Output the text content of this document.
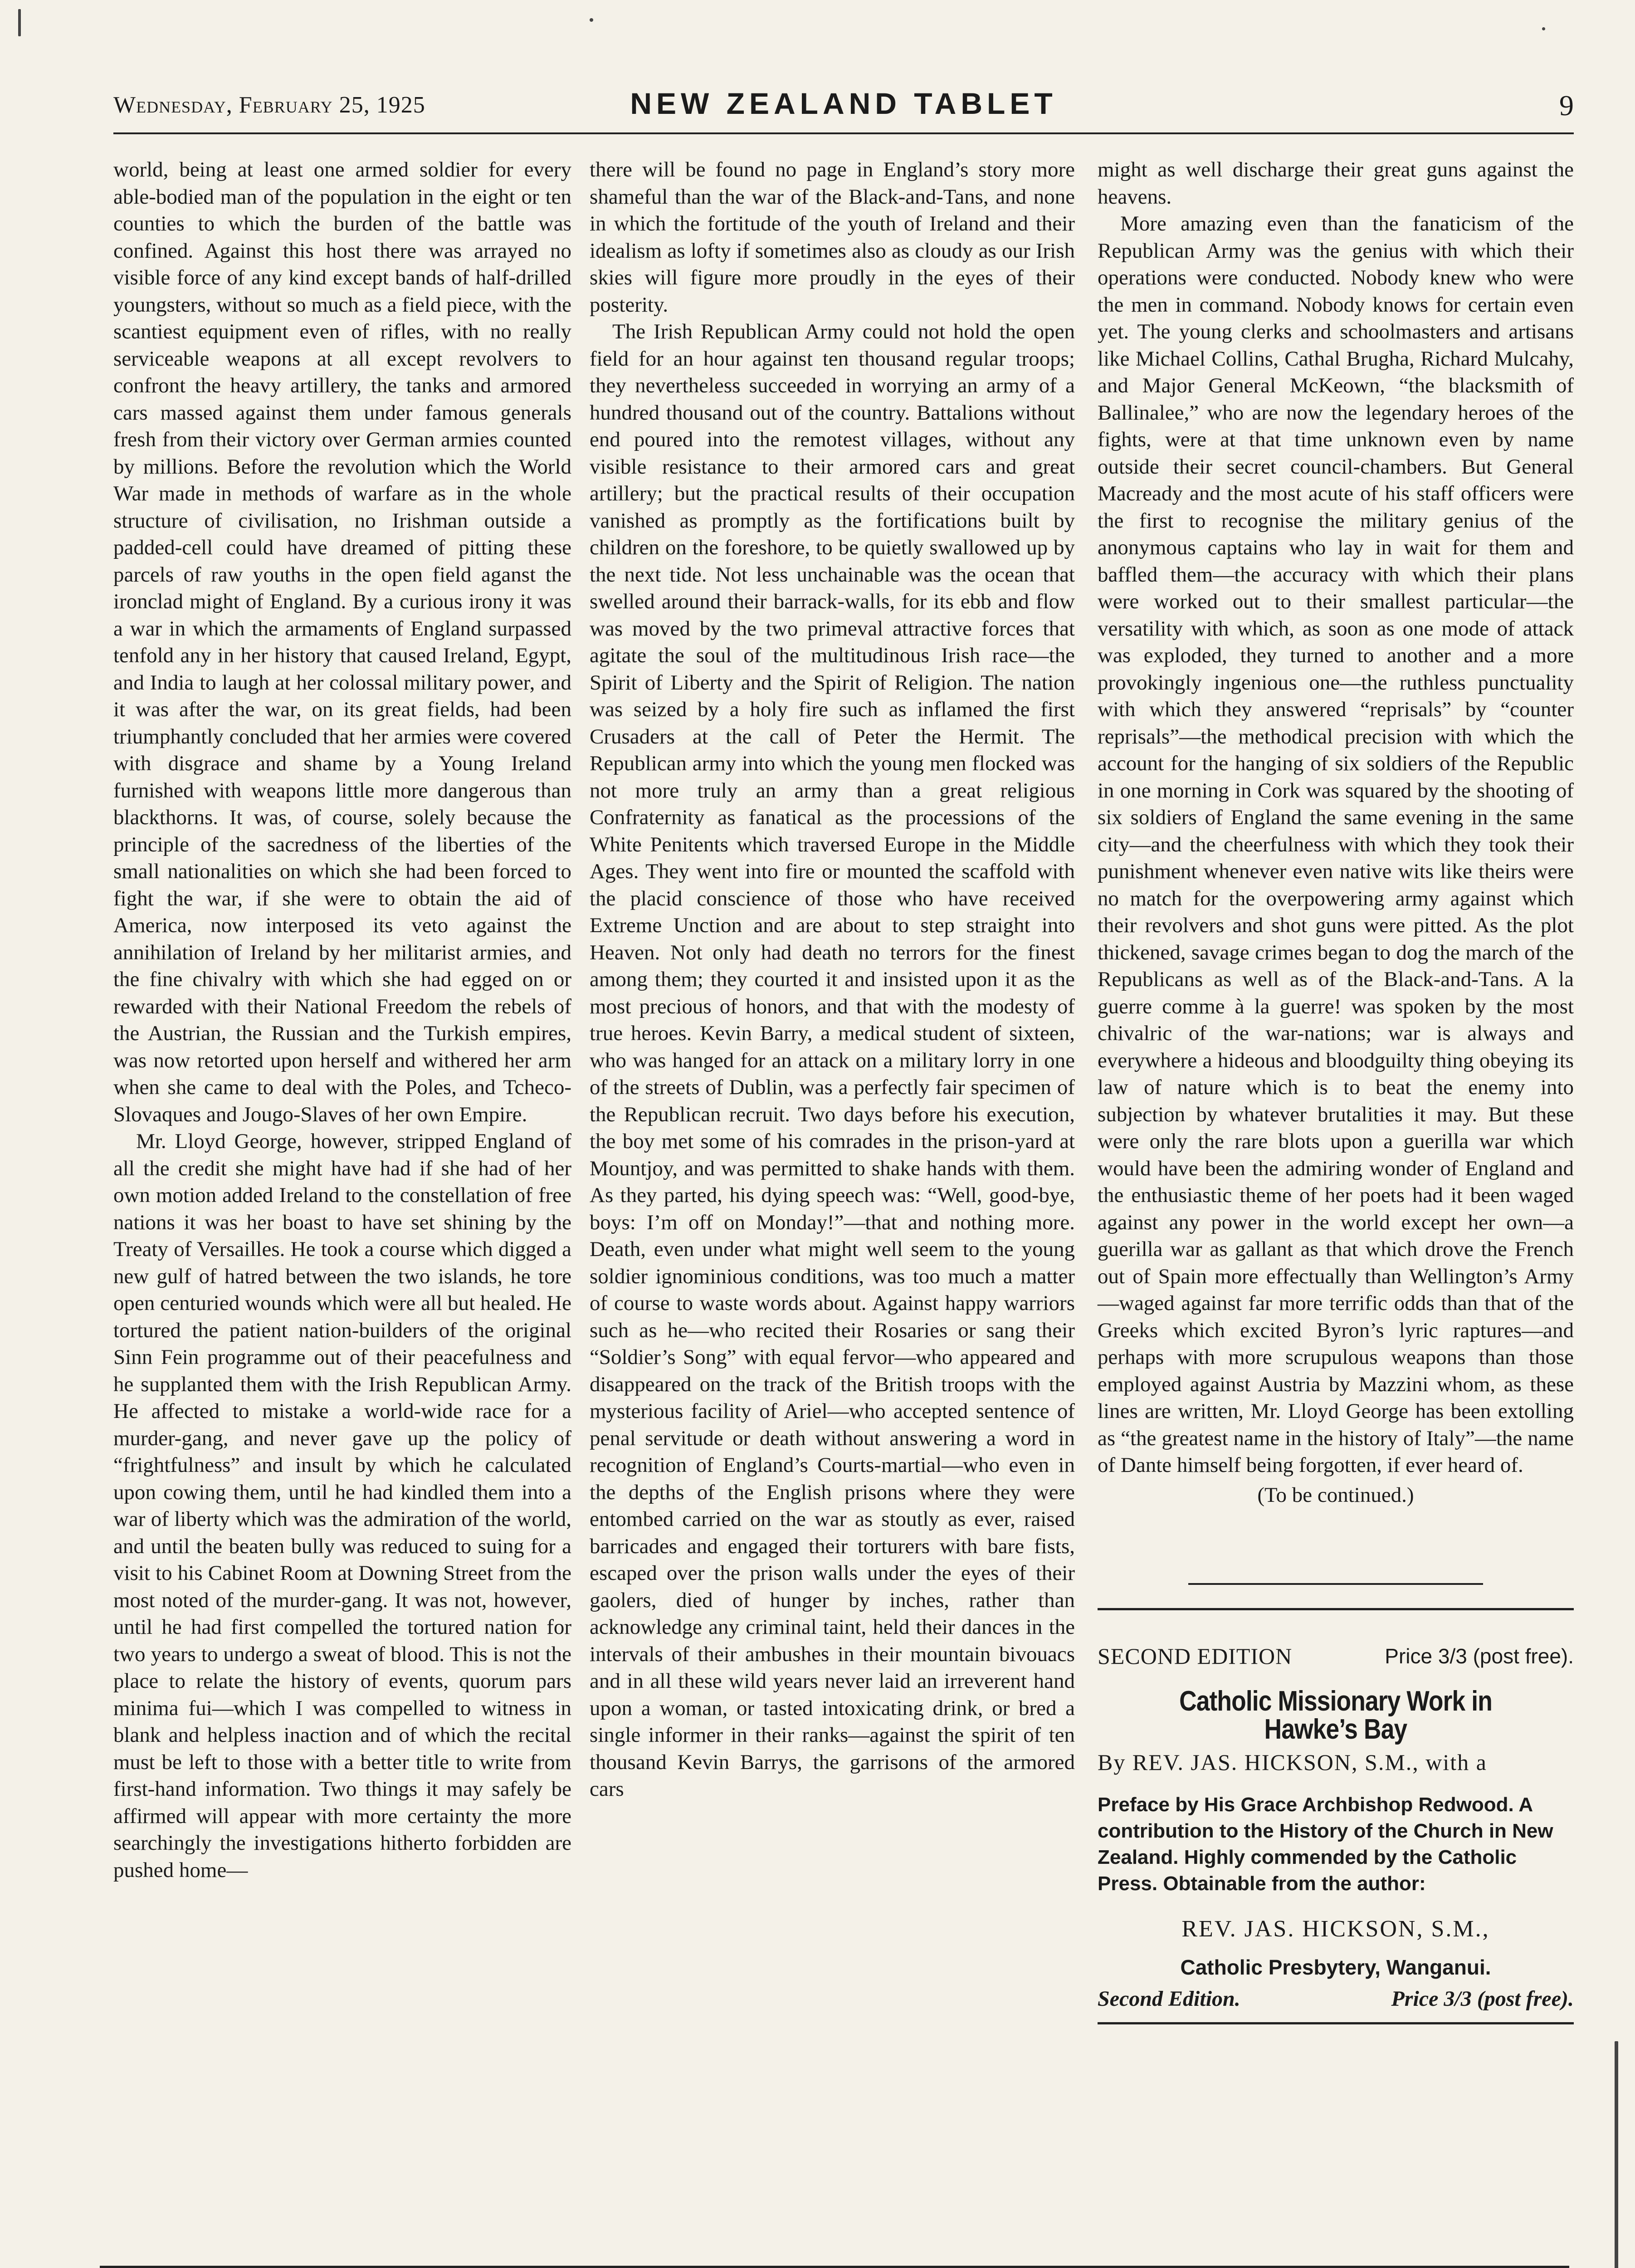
Wednesday, February 25, 1925	NEW ZEALAND TABLET	9

world, being at least one armed soldier for every able-bodied man of the population in the eight or ten counties to which the burden of the battle was confined. Against this host there was arrayed no visible force of any kind except bands of half-drilled youngsters, without so much as a field piece, with the scantiest equipment even of rifles, with no really serviceable weapons at all except revolvers to confront the heavy artillery, the tanks and armored cars massed against them under famous generals fresh from their victory over German armies counted by millions. Before the revolution which the World War made in methods of warfare as in the whole structure of civilisation, no Irishman outside a padded-cell could have dreamed of pitting these parcels of raw youths in the open field aganst the ironclad might of England. By a curious irony it was a war in which the armaments of England surpassed tenfold any in her history that caused Ireland, Egypt, and India to laugh at her colossal military power, and it was after the war, on its great fields, had been triumphantly concluded that her armies were covered with disgrace and shame by a Young Ireland furnished with weapons little more dangerous than blackthorns. It was, of course, solely because the principle of the sacredness of the liberties of the small nationalities on which she had been forced to fight the war, if she were to obtain the aid of America, now interposed its veto against the annihilation of Ireland by her militarist armies, and the fine chivalry with which she had egged on or rewarded with their National Freedom the rebels of the Austrian, the Russian and the Turkish empires, was now retorted upon herself and withered her arm when she came to deal with the Poles, and Tcheco-Slovaques and Jougo-Slaves of her own Empire.

Mr. Lloyd George, however, stripped England of all the credit she might have had if she had of her own motion added Ireland to the constellation of free nations it was her boast to have set shining by the Treaty of Versailles. He took a course which digged a new gulf of hatred between the two islands, he tore open centuried wounds which were all but healed. He tortured the patient nation-builders of the original Sinn Fein programme out of their peacefulness and he supplanted them with the Irish Republican Army. He affected to mistake a world-wide race for a murder-gang, and never gave up the policy of “frightfulness” and insult by which he calculated upon cowing them, until he had kindled them into a war of liberty which was the admiration of the world, and until the beaten bully was reduced to suing for a visit to his Cabinet Room at Downing Street from the most noted of the murder-gang. It was not, however, until he had first compelled the tortured nation for two years to undergo a sweat of blood. This is not the place to relate the history of events, quorum pars minima fui—which I was compelled to witness in blank and helpless inaction and of which the recital must be left to those with a better title to write from first-hand information. Two things it may safely be affirmed will appear with more certainty the more searchingly the investigations hitherto forbidden are pushed home—

there will be found no page in England’s story more shameful than the war of the Black-and-Tans, and none in which the fortitude of the youth of Ireland and their idealism as lofty if sometimes also as cloudy as our Irish skies will figure more proudly in the eyes of their posterity.

The Irish Republican Army could not hold the open field for an hour against ten thousand regular troops; they nevertheless succeeded in worrying an army of a hundred thousand out of the country. Battalions without end poured into the remotest villages, without any visible resistance to their armored cars and great artillery; but the practical results of their occupation vanished as promptly as the fortifications built by children on the foreshore, to be quietly swallowed up by the next tide. Not less unchainable was the ocean that swelled around their barrack-walls, for its ebb and flow was moved by the two primeval attractive forces that agitate the soul of the multitudinous Irish race—the Spirit of Liberty and the Spirit of Religion. The nation was seized by a holy fire such as inflamed the first Crusaders at the call of Peter the Hermit. The Republican army into which the young men flocked was not more truly an army than a great religious Confraternity as fanatical as the processions of the White Penitents which traversed Europe in the Middle Ages. They went into fire or mounted the scaffold with the placid conscience of those who have received Extreme Unction and are about to step straight into Heaven. Not only had death no terrors for the finest among them; they courted it and insisted upon it as the most precious of honors, and that with the modesty of true heroes. Kevin Barry, a medical student of sixteen, who was hanged for an attack on a military lorry in one of the streets of Dublin, was a perfectly fair specimen of the Republican recruit. Two days before his execution, the boy met some of his comrades in the prison-yard at Mountjoy, and was permitted to shake hands with them. As they parted, his dying speech was: “Well, good-bye, boys: I’m off on Monday!”—that and nothing more. Death, even under what might well seem to the young soldier ignominious conditions, was too much a matter of course to waste words about. Against happy warriors such as he—who recited their Rosaries or sang their “Soldier’s Song” with equal fervor—who appeared and disappeared on the track of the British troops with the mysterious facility of Ariel—who accepted sentence of penal servitude or death without answering a word in recognition of England’s Courts-martial—who even in the depths of the English prisons where they were entombed carried on the war as stoutly as ever, raised barricades and engaged their torturers with bare fists, escaped over the prison walls under the eyes of their gaolers, died of hunger by inches, rather than acknowledge any criminal taint, held their dances in the intervals of their ambushes in their mountain bivouacs and in all these wild years never laid an irreverent hand upon a woman, or tasted intoxicating drink, or bred a single informer in their ranks—against the spirit of ten thousand Kevin Barrys, the garrisons of the armored cars

might as well discharge their great guns against the heavens.

More amazing even than the fanaticism of the Republican Army was the genius with which their operations were conducted. Nobody knew who were the men in command. Nobody knows for certain even yet. The young clerks and schoolmasters and artisans like Michael Collins, Cathal Brugha, Richard Mulcahy, and Major General McKeown, “the blacksmith of Ballinalee,” who are now the legendary heroes of the fights, were at that time unknown even by name outside their secret council-chambers. But General Macready and the most acute of his staff officers were the first to recognise the military genius of the anonymous captains who lay in wait for them and baffled them—the accuracy with which their plans were worked out to their smallest particular—the versatility with which, as soon as one mode of attack was exploded, they turned to another and a more provokingly ingenious one—the ruthless punctuality with which they answered “reprisals” by “counter reprisals”—the methodical precision with which the account for the hanging of six soldiers of the Republic in one morning in Cork was squared by the shooting of six soldiers of England the same evening in the same city—and the cheerfulness with which they took their punishment whenever even native wits like theirs were no match for the overpowering army against which their revolvers and shot guns were pitted. As the plot thickened, savage crimes began to dog the march of the Republicans as well as of the Black-and-Tans. A la guerre comme à la guerre! was spoken by the most chivalric of the war-nations; war is always and everywhere a hideous and bloodguilty thing obeying its law of nature which is to beat the enemy into subjection by whatever brutalities it may. But these were only the rare blots upon a guerilla war which would have been the admiring wonder of England and the enthusiastic theme of her poets had it been waged against any power in the world except her own—a guerilla war as gallant as that which drove the French out of Spain more effectually than Wellington’s Army—waged against far more terrific odds than that of the Greeks which excited Byron’s lyric raptures—and perhaps with more scrupulous weapons than those employed against Austria by Mazzini whom, as these lines are written, Mr. Lloyd George has been extolling as “the greatest name in the history of Italy”—the name of Dante himself being forgotten, if ever heard of.

(To be continued.)

SECOND EDITION	Price 3/3 (post free).
Catholic Missionary Work in Hawke’s Bay
By REV. JAS. HICKSON, S.M., with a
Preface by His Grace Archbishop Redwood. A contribution to the History of the Church in New Zealand. Highly commended by the Catholic Press. Obtainable from the author:
REV. JAS. HICKSON, S.M.,
Catholic Presbytery, Wanganui.
Second Edition.	Price 3/3 (post free).
